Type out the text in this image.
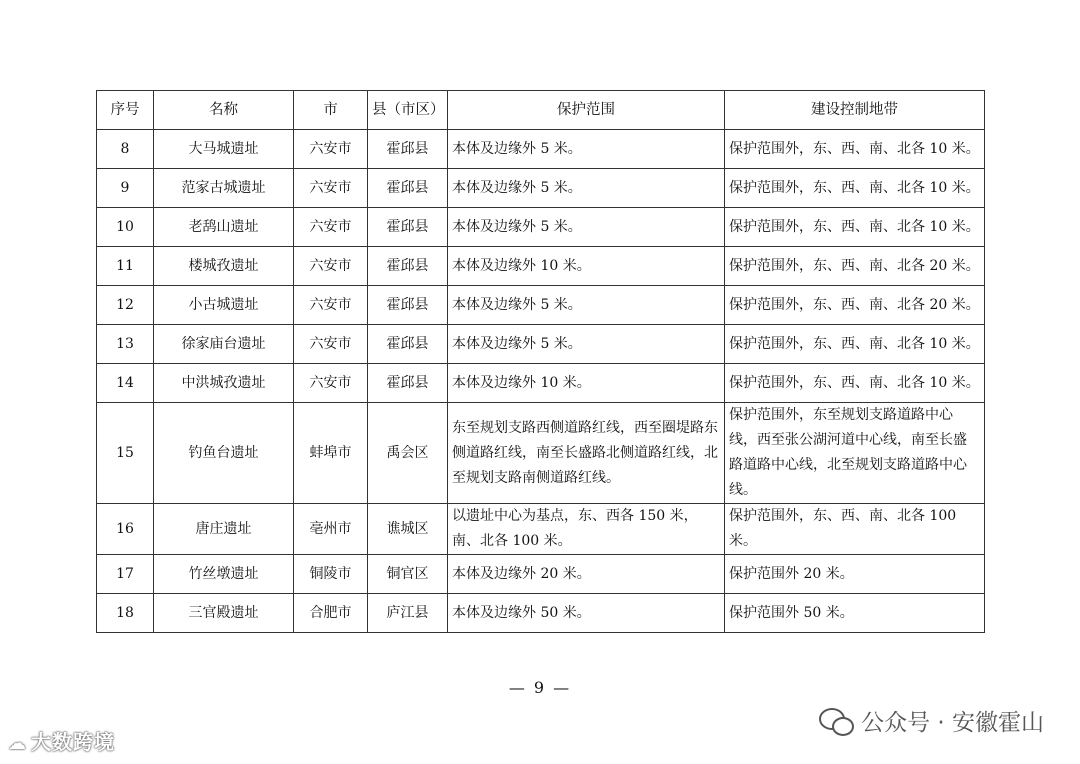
序号	名称	市	县（市区）	保护范围	建设控制地带
8	大马城遗址	六安市	霍邱县	本体及边缘外 5 米。	保护范围外，东、西、南、北各 10 米。
9	范家古城遗址	六安市	霍邱县	本体及边缘外 5 米。	保护范围外，东、西、南、北各 10 米。
10	老鸹山遗址	六安市	霍邱县	本体及边缘外 5 米。	保护范围外，东、西、南、北各 10 米。
11	楼城孜遗址	六安市	霍邱县	本体及边缘外 10 米。	保护范围外，东、西、南、北各 20 米。
12	小古城遗址	六安市	霍邱县	本体及边缘外 5 米。	保护范围外，东、西、南、北各 20 米。
13	徐家庙台遗址	六安市	霍邱县	本体及边缘外 5 米。	保护范围外，东、西、南、北各 10 米。
14	中洪城孜遗址	六安市	霍邱县	本体及边缘外 10 米。	保护范围外，东、西、南、北各 10 米。
15	钓鱼台遗址	蚌埠市	禹会区	东至规划支路西侧道路红线，西至圈堤路东侧道路红线，南至长盛路北侧道路红线，北至规划支路南侧道路红线。	保护范围外，东至规划支路道路中心线，西至张公湖河道中心线，南至长盛路道路中心线，北至规划支路道路中心线。
16	唐庄遗址	亳州市	谯城区	以遗址中心为基点，东、西各 150 米，南、北各 100 米。	保护范围外，东、西、南、北各 100 米。
17	竹丝墩遗址	铜陵市	铜官区	本体及边缘外 20 米。	保护范围外 20 米。
18	三官殿遗址	合肥市	庐江县	本体及边缘外 50 米。	保护范围外 50 米。
— 9 —
☁ 大数跨境
公众号 · 安徽霍山
